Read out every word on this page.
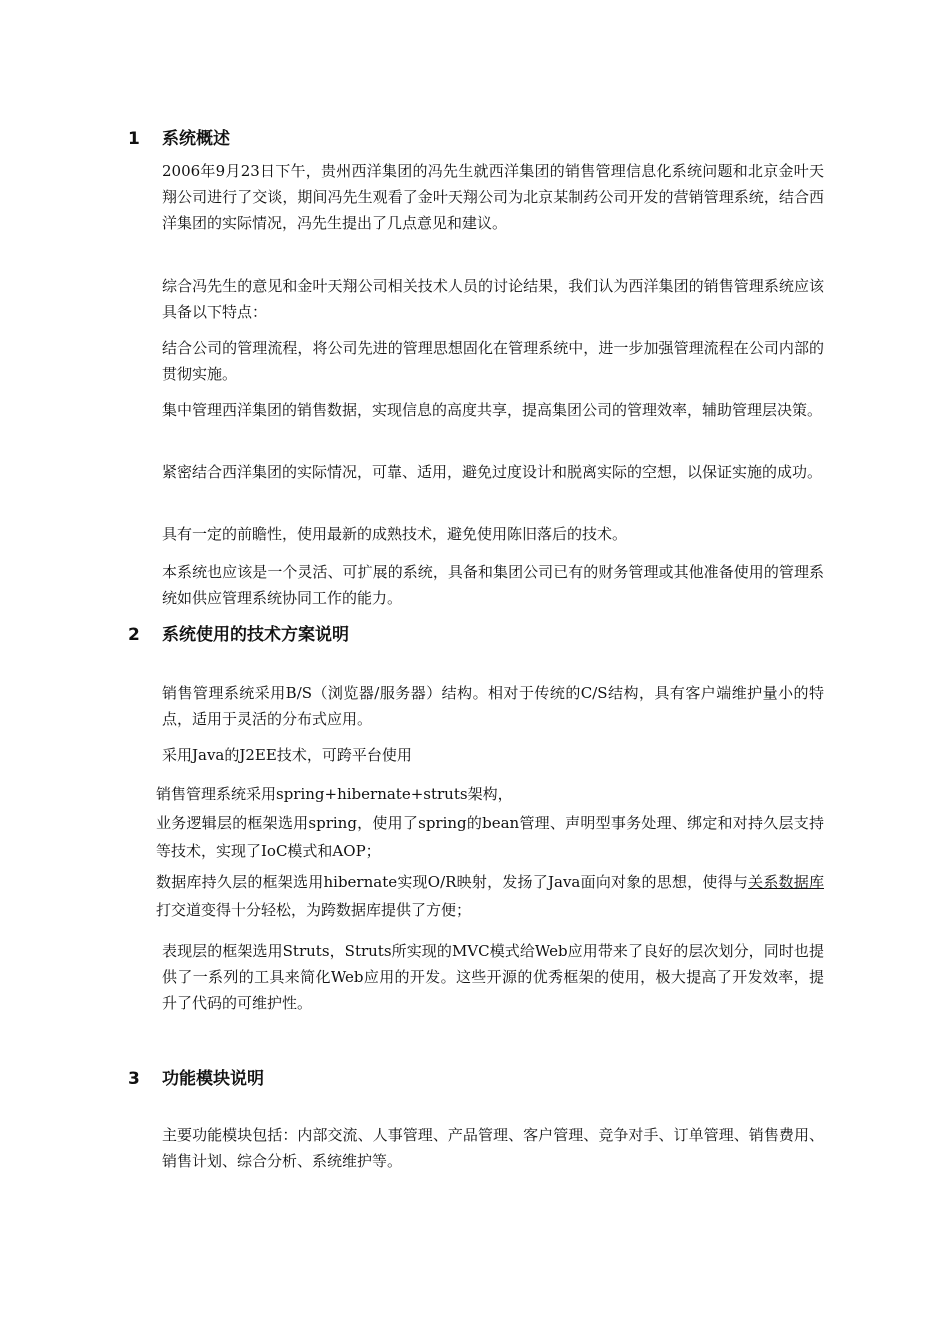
1 系统概述
2006年9月23日下午，贵州西洋集团的冯先生就西洋集团的销售管理信息化系统问题和北京金叶天翔公司进行了交谈，期间冯先生观看了金叶天翔公司为北京某制药公司开发的营销管理系统，结合西洋集团的实际情况，冯先生提出了几点意见和建议。
综合冯先生的意见和金叶天翔公司相关技术人员的讨论结果，我们认为西洋集团的销售管理系统应该具备以下特点：
结合公司的管理流程，将公司先进的管理思想固化在管理系统中，进一步加强管理流程在公司内部的贯彻实施。
集中管理西洋集团的销售数据，实现信息的高度共享，提高集团公司的管理效率，辅助管理层决策。
紧密结合西洋集团的实际情况，可靠、适用，避免过度设计和脱离实际的空想，以保证实施的成功。
具有一定的前瞻性，使用最新的成熟技术，避免使用陈旧落后的技术。
本系统也应该是一个灵活、可扩展的系统，具备和集团公司已有的财务管理或其他准备使用的管理系统如供应管理系统协同工作的能力。
2 系统使用的技术方案说明
销售管理系统采用B/S（浏览器/服务器）结构。相对于传统的C/S结构，具有客户端维护量小的特点，适用于灵活的分布式应用。
采用Java的J2EE技术，可跨平台使用
销售管理系统采用spring+hibernate+struts架构，
业务逻辑层的框架选用spring，使用了spring的bean管理、声明型事务处理、绑定和对持久层支持等技术，实现了IoC模式和AOP；
数据库持久层的框架选用hibernate实现O/R映射，发扬了Java面向对象的思想，使得与关系数据库打交道变得十分轻松，为跨数据库提供了方便；
表现层的框架选用Struts，Struts所实现的MVC模式给Web应用带来了良好的层次划分，同时也提供了一系列的工具来简化Web应用的开发。这些开源的优秀框架的使用，极大提高了开发效率，提升了代码的可维护性。
3 功能模块说明
主要功能模块包括：内部交流、人事管理、产品管理、客户管理、竞争对手、订单管理、销售费用、销售计划、综合分析、系统维护等。
